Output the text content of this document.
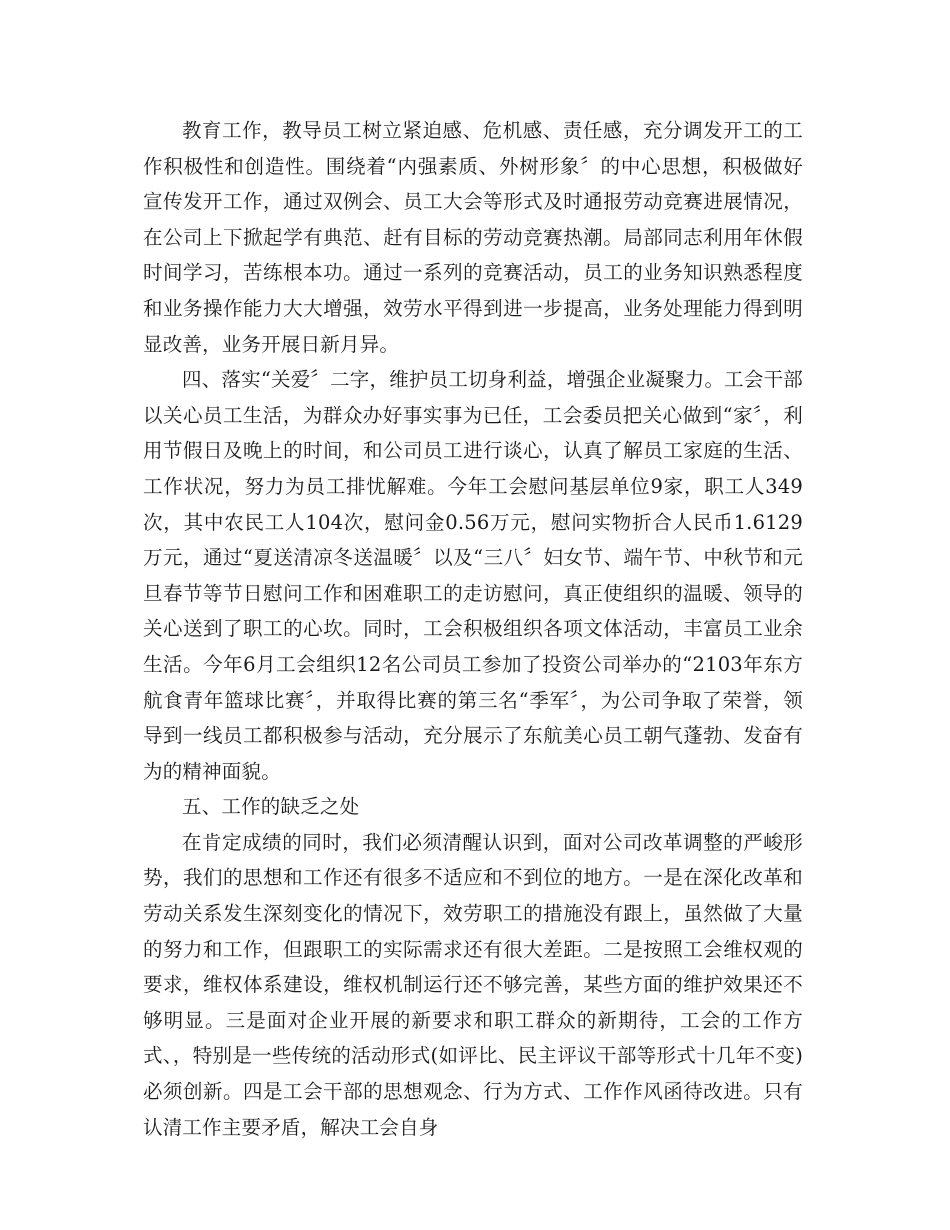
教育工作，教导员工树立紧迫感、危机感、责任感，充分调发开工的工作积极性和创造性。围绕着“内强素质、外树形象〞的中心思想，积极做好宣传发开工作，通过双例会、员工大会等形式及时通报劳动竞赛进展情况，在公司上下掀起学有典范、赶有目标的劳动竞赛热潮。局部同志利用年休假时间学习，苦练根本功。通过一系列的竞赛活动，员工的业务知识熟悉程度和业务操作能力大大增强，效劳水平得到进一步提高，业务处理能力得到明显改善，业务开展日新月异。

四、落实“关爱〞二字，维护员工切身利益，增强企业凝聚力。工会干部以关心员工生活，为群众办好事实事为已任，工会委员把关心做到“家〞，利用节假日及晚上的时间，和公司员工进行谈心，认真了解员工家庭的生活、工作状况，努力为员工排忧解难。今年工会慰问基层单位9家，职工人349次，其中农民工人104次，慰问金0.56万元，慰问实物折合人民币1.6129万元，通过“夏送清凉冬送温暖〞以及“三八〞妇女节、端午节、中秋节和元旦春节等节日慰问工作和困难职工的走访慰问，真正使组织的温暖、领导的关心送到了职工的心坎。同时，工会积极组织各项文体活动，丰富员工业余生活。今年6月工会组织12名公司员工参加了投资公司举办的“2103年东方航食青年篮球比赛〞，并取得比赛的第三名“季军〞，为公司争取了荣誉，领导到一线员工都积极参与活动，充分展示了东航美心员工朝气蓬勃、发奋有为的精神面貌。

五、工作的缺乏之处

在肯定成绩的同时，我们必须清醒认识到，面对公司改革调整的严峻形势，我们的思想和工作还有很多不适应和不到位的地方。一是在深化改革和劳动关系发生深刻变化的情况下，效劳职工的措施没有跟上，虽然做了大量的努力和工作，但跟职工的实际需求还有很大差距。二是按照工会维权观的要求，维权体系建设，维权机制运行还不够完善，某些方面的维护效果还不够明显。三是面对企业开展的新要求和职工群众的新期待，工会的工作方式、，特别是一些传统的活动形式(如评比、民主评议干部等形式十几年不变)必须创新。四是工会干部的思想观念、行为方式、工作作风函待改进。只有认清工作主要矛盾，解决工会自身
